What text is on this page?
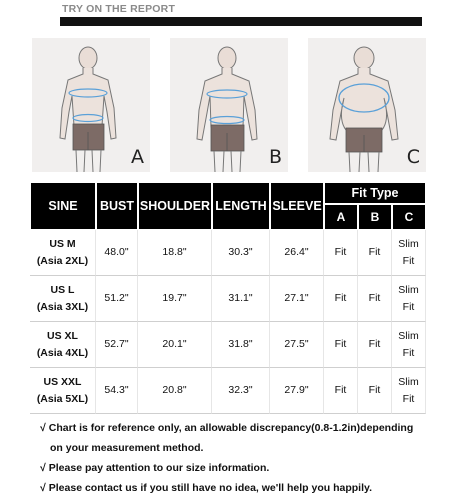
TRY ON THE REPORT
A	B	C
SINE	BUST	SHOULDER	LENGTH	SLEEVE	Fit Type		
					A	B	C
US M
(Asia 2XL)	48.0"	18.8"	30.3"	26.4"	Fit	Fit	Slim
Fit
US L
(Asia 3XL)	51.2"	19.7"	31.1"	27.1"	Fit	Fit	Slim
Fit
US XL
(Asia 4XL)	52.7"	20.1"	31.8"	27.5"	Fit	Fit	Slim
Fit
US XXL
(Asia 5XL)	54.3"	20.8"	32.3"	27.9"	Fit	Fit	Slim
Fit

√ Chart is for reference only, an allowable discrepancy(0.8-1.2in)depending

on your measurement method.

√ Please pay attention to our size information.

√ Please contact us if you still have no idea, we'll help you happily.
